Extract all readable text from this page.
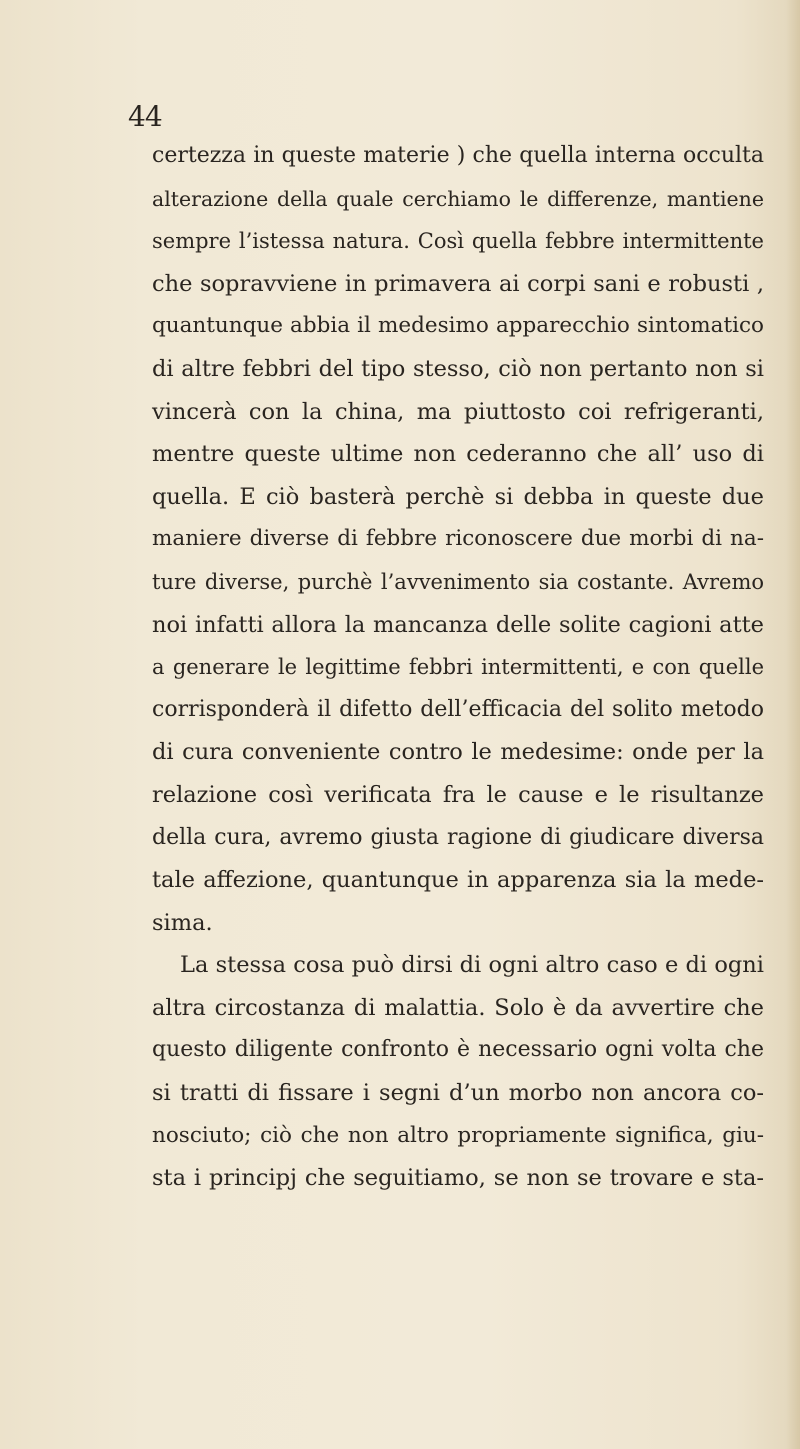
44
certezza in queste materie ) che quella interna occulta
alterazione della quale cerchiamo le differenze, mantiene
sempre l’istessa natura. Così quella febbre intermittente
che sopravviene in primavera ai corpi sani e robusti ,
quantunque abbia il medesimo apparecchio sintomatico
di altre febbri del tipo stesso, ciò non pertanto non si
vincerà con la china, ma piuttosto coi refrigeranti,
mentre queste ultime non cederanno che all’ uso di
quella. E ciò basterà perchè si debba in queste due
maniere diverse di febbre riconoscere due morbi di na-
ture diverse, purchè l’avvenimento sia costante. Avremo
noi infatti allora la mancanza delle solite cagioni atte
a generare le legittime febbri intermittenti, e con quelle
corrisponderà il difetto dell’efficacia del solito metodo
di cura conveniente contro le medesime: onde per la
relazione così verificata fra le cause e le risultanze
della cura, avremo giusta ragione di giudicare diversa
tale affezione, quantunque in apparenza sia la mede-
sima.
La stessa cosa può dirsi di ogni altro caso e di ogni
altra circostanza di malattia. Solo è da avvertire che
questo diligente confronto è necessario ogni volta che
si tratti di fissare i segni d’un morbo non ancora co-
nosciuto; ciò che non altro propriamente significa, giu-
sta i principj che seguitiamo, se non se trovare e sta-
